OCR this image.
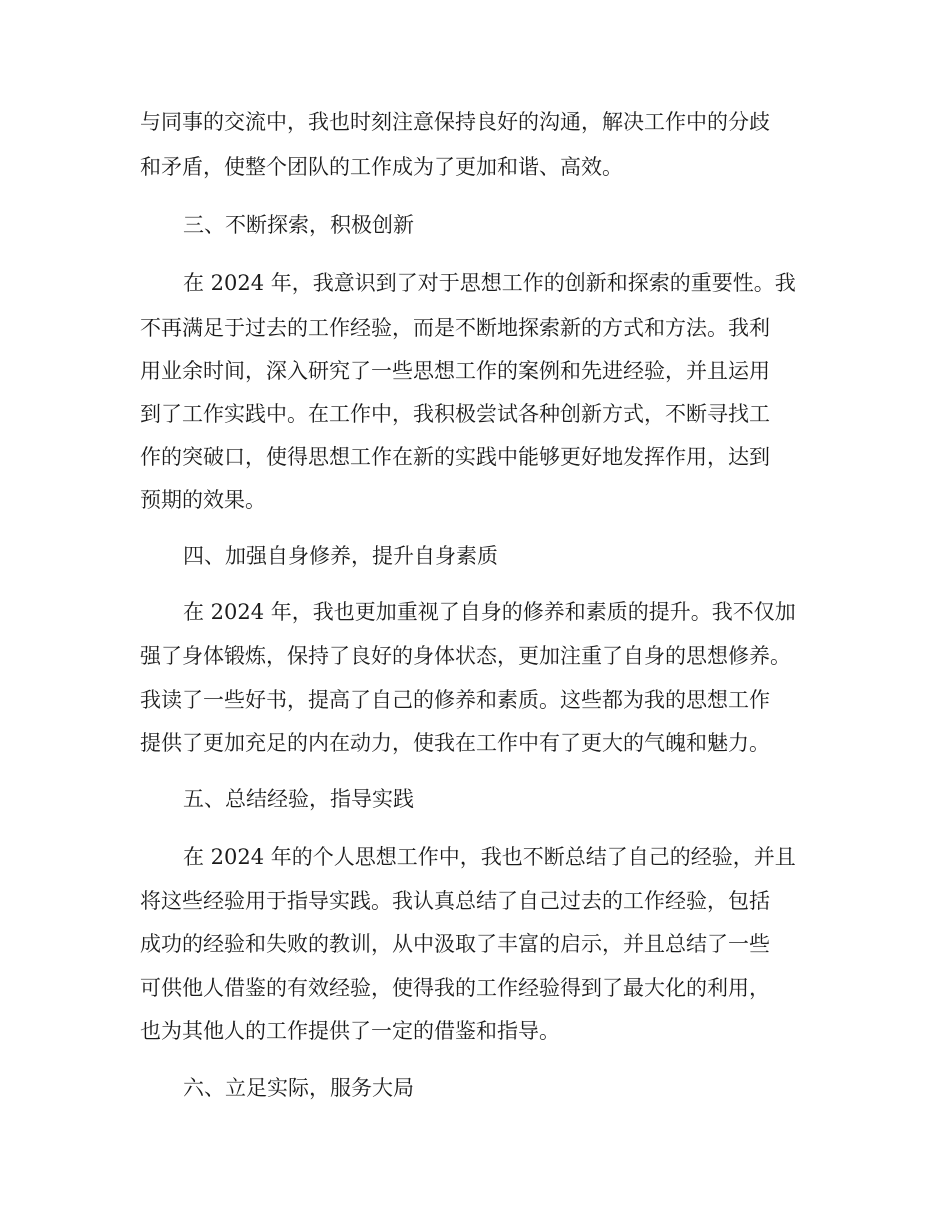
与同事的交流中，我也时刻注意保持良好的沟通，解决工作中的分歧
和矛盾，使整个团队的工作成为了更加和谐、高效。
三、不断探索，积极创新
在 2024 年，我意识到了对于思想工作的创新和探索的重要性。我
不再满足于过去的工作经验，而是不断地探索新的方式和方法。我利
用业余时间，深入研究了一些思想工作的案例和先进经验，并且运用
到了工作实践中。在工作中，我积极尝试各种创新方式，不断寻找工
作的突破口，使得思想工作在新的实践中能够更好地发挥作用，达到
预期的效果。
四、加强自身修养，提升自身素质
在 2024 年，我也更加重视了自身的修养和素质的提升。我不仅加
强了身体锻炼，保持了良好的身体状态，更加注重了自身的思想修养。
我读了一些好书，提高了自己的修养和素质。这些都为我的思想工作
提供了更加充足的内在动力，使我在工作中有了更大的气魄和魅力。
五、总结经验，指导实践
在 2024 年的个人思想工作中，我也不断总结了自己的经验，并且
将这些经验用于指导实践。我认真总结了自己过去的工作经验，包括
成功的经验和失败的教训，从中汲取了丰富的启示，并且总结了一些
可供他人借鉴的有效经验，使得我的工作经验得到了最大化的利用，
也为其他人的工作提供了一定的借鉴和指导。
六、立足实际，服务大局
